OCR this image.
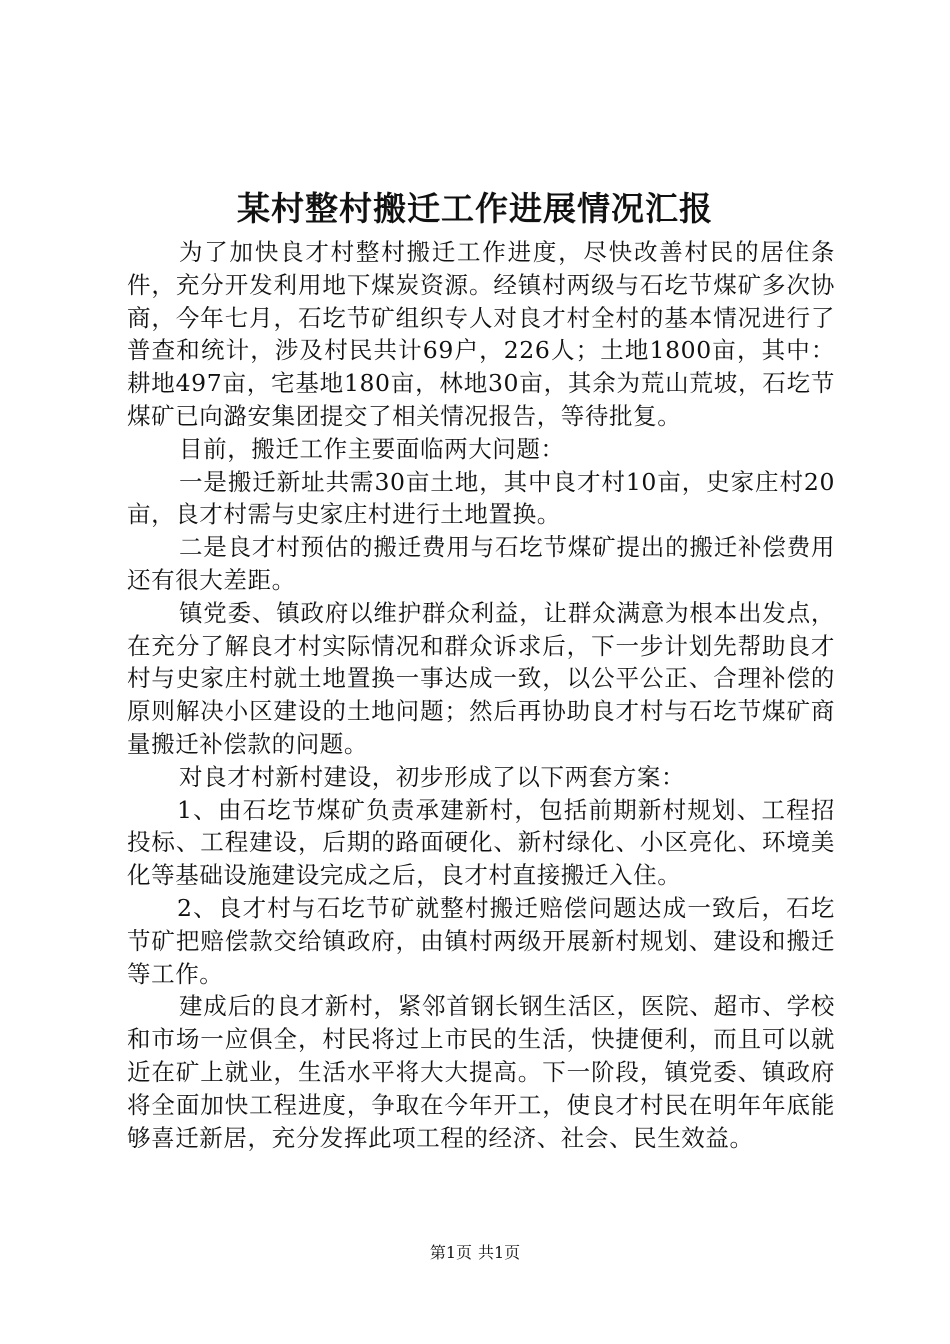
某村整村搬迁工作进展情况汇报

为了加快良才村整村搬迁工作进度，尽快改善村民的居住条件，充分开发利用地下煤炭资源。经镇村两级与石圪节煤矿多次协商，今年七月，石圪节矿组织专人对良才村全村的基本情况进行了普查和统计，涉及村民共计69户，226人；土地1800亩，其中：耕地497亩，宅基地180亩，林地30亩，其余为荒山荒坡，石圪节煤矿已向潞安集团提交了相关情况报告，等待批复。

目前，搬迁工作主要面临两大问题：

一是搬迁新址共需30亩土地，其中良才村10亩，史家庄村20亩，良才村需与史家庄村进行土地置换。

二是良才村预估的搬迁费用与石圪节煤矿提出的搬迁补偿费用还有很大差距。

镇党委、镇政府以维护群众利益，让群众满意为根本出发点，在充分了解良才村实际情况和群众诉求后，下一步计划先帮助良才村与史家庄村就土地置换一事达成一致，以公平公正、合理补偿的原则解决小区建设的土地问题；然后再协助良才村与石圪节煤矿商量搬迁补偿款的问题。

对良才村新村建设，初步形成了以下两套方案：

1、由石圪节煤矿负责承建新村，包括前期新村规划、工程招投标、工程建设，后期的路面硬化、新村绿化、小区亮化、环境美化等基础设施建设完成之后，良才村直接搬迁入住。

2、良才村与石圪节矿就整村搬迁赔偿问题达成一致后，石圪节矿把赔偿款交给镇政府，由镇村两级开展新村规划、建设和搬迁等工作。

建成后的良才新村，紧邻首钢长钢生活区，医院、超市、学校和市场一应俱全，村民将过上市民的生活，快捷便利，而且可以就近在矿上就业，生活水平将大大提高。下一阶段，镇党委、镇政府将全面加快工程进度，争取在今年开工，使良才村民在明年年底能够喜迁新居，充分发挥此项工程的经济、社会、民生效益。

第1页 共1页
